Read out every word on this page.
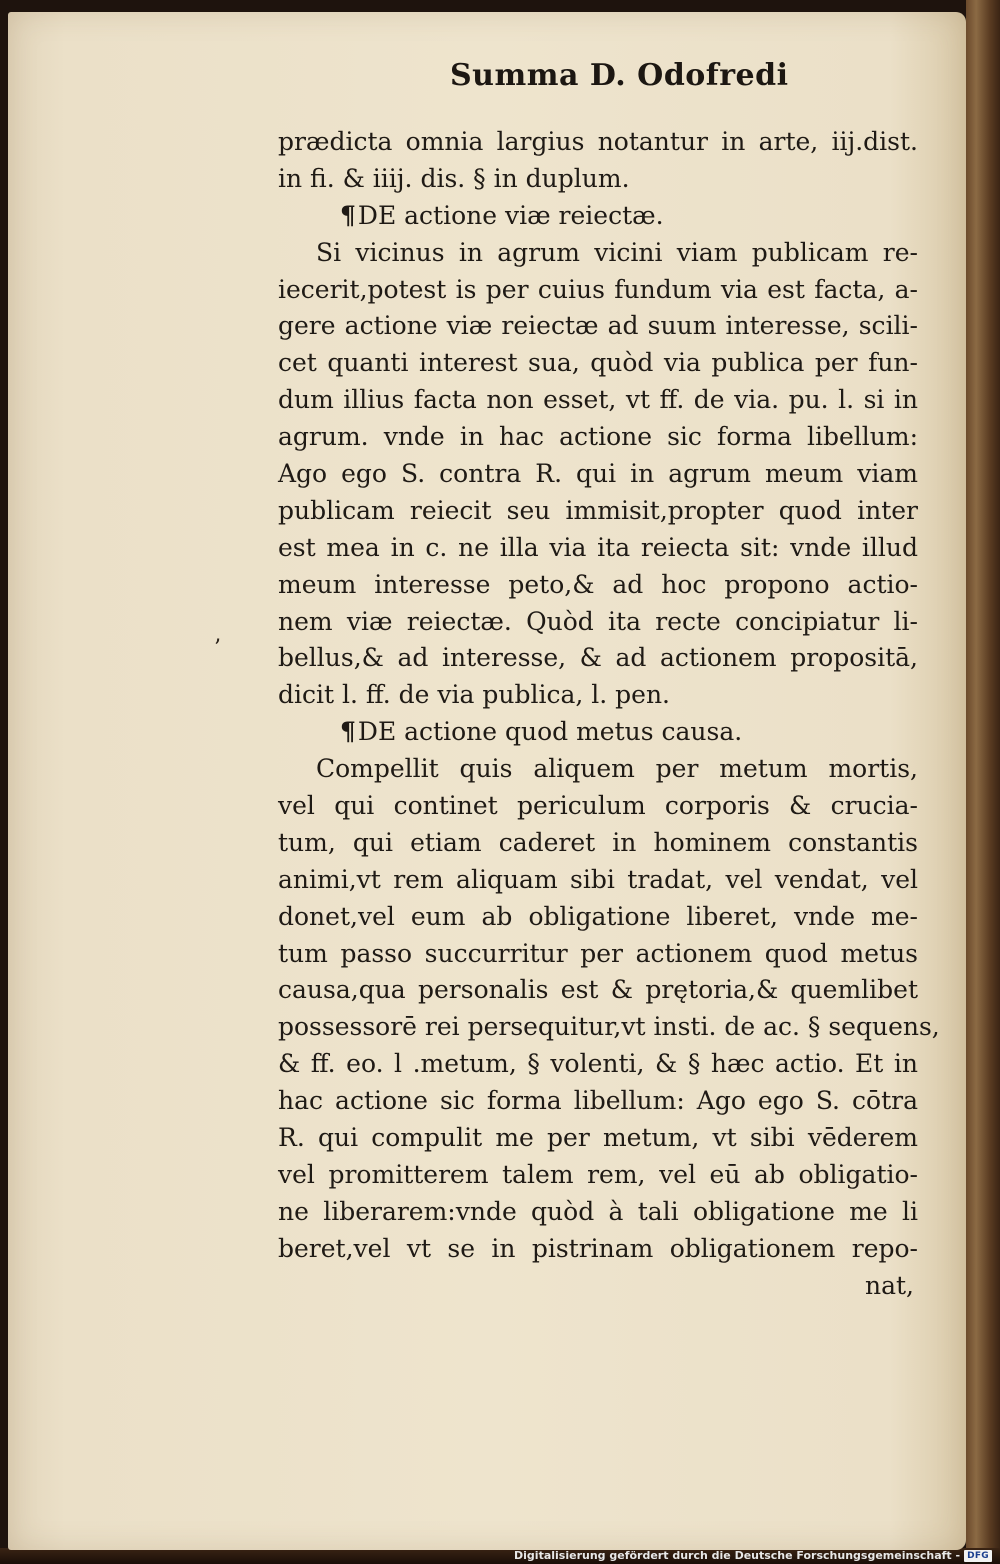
Summa D. Odofredi
’
prædicta omnia largius notantur in arte, iij.dist.
in fi. & iiij. dis. § in duplum.
¶DE actione viæ reiectæ.
Si vicinus in agrum vicini viam publicam re-
iecerit,potest is per cuius fundum via est facta, a-
gere actione viæ reiectæ ad suum interesse, scili-
cet quanti interest sua, quòd via publica per fun-
dum illius facta non esset, vt ff. de via. pu. l. si in
agrum. vnde in hac actione sic forma libellum:
Ago ego S. contra R. qui in agrum meum viam
publicam reiecit seu immisit,propter quod inter
est mea in c. ne illa via ita reiecta sit: vnde illud
meum interesse peto,& ad hoc propono actio-
nem viæ reiectæ. Quòd ita recte concipiatur li-
bellus,& ad interesse, & ad actionem propositā,
dicit l. ff. de via publica, l. pen.
¶DE actione quod metus causa.
Compellit quis aliquem per metum mortis,
vel qui continet periculum corporis & crucia-
tum, qui etiam caderet in hominem constantis
animi,vt rem aliquam sibi tradat, vel vendat, vel
donet,vel eum ab obligatione liberet, vnde me-
tum passo succurritur per actionem quod metus
causa,qua personalis est & prętoria,& quemlibet
possessorē rei persequitur,vt insti. de ac. § sequens,
& ff. eo. l .metum, § volenti, & § hæc actio. Et in
hac actione sic forma libellum: Ago ego S. cōtra
R. qui compulit me per metum, vt sibi vēderem
vel promitterem talem rem, vel eū ab obligatio-
ne liberarem:vnde quòd à tali obligatione me li
beret,vel vt se in pistrinam obligationem repo-
nat,
Digitalisierung gefördert durch die Deutsche Forschungsgemeinschaft - DFG
